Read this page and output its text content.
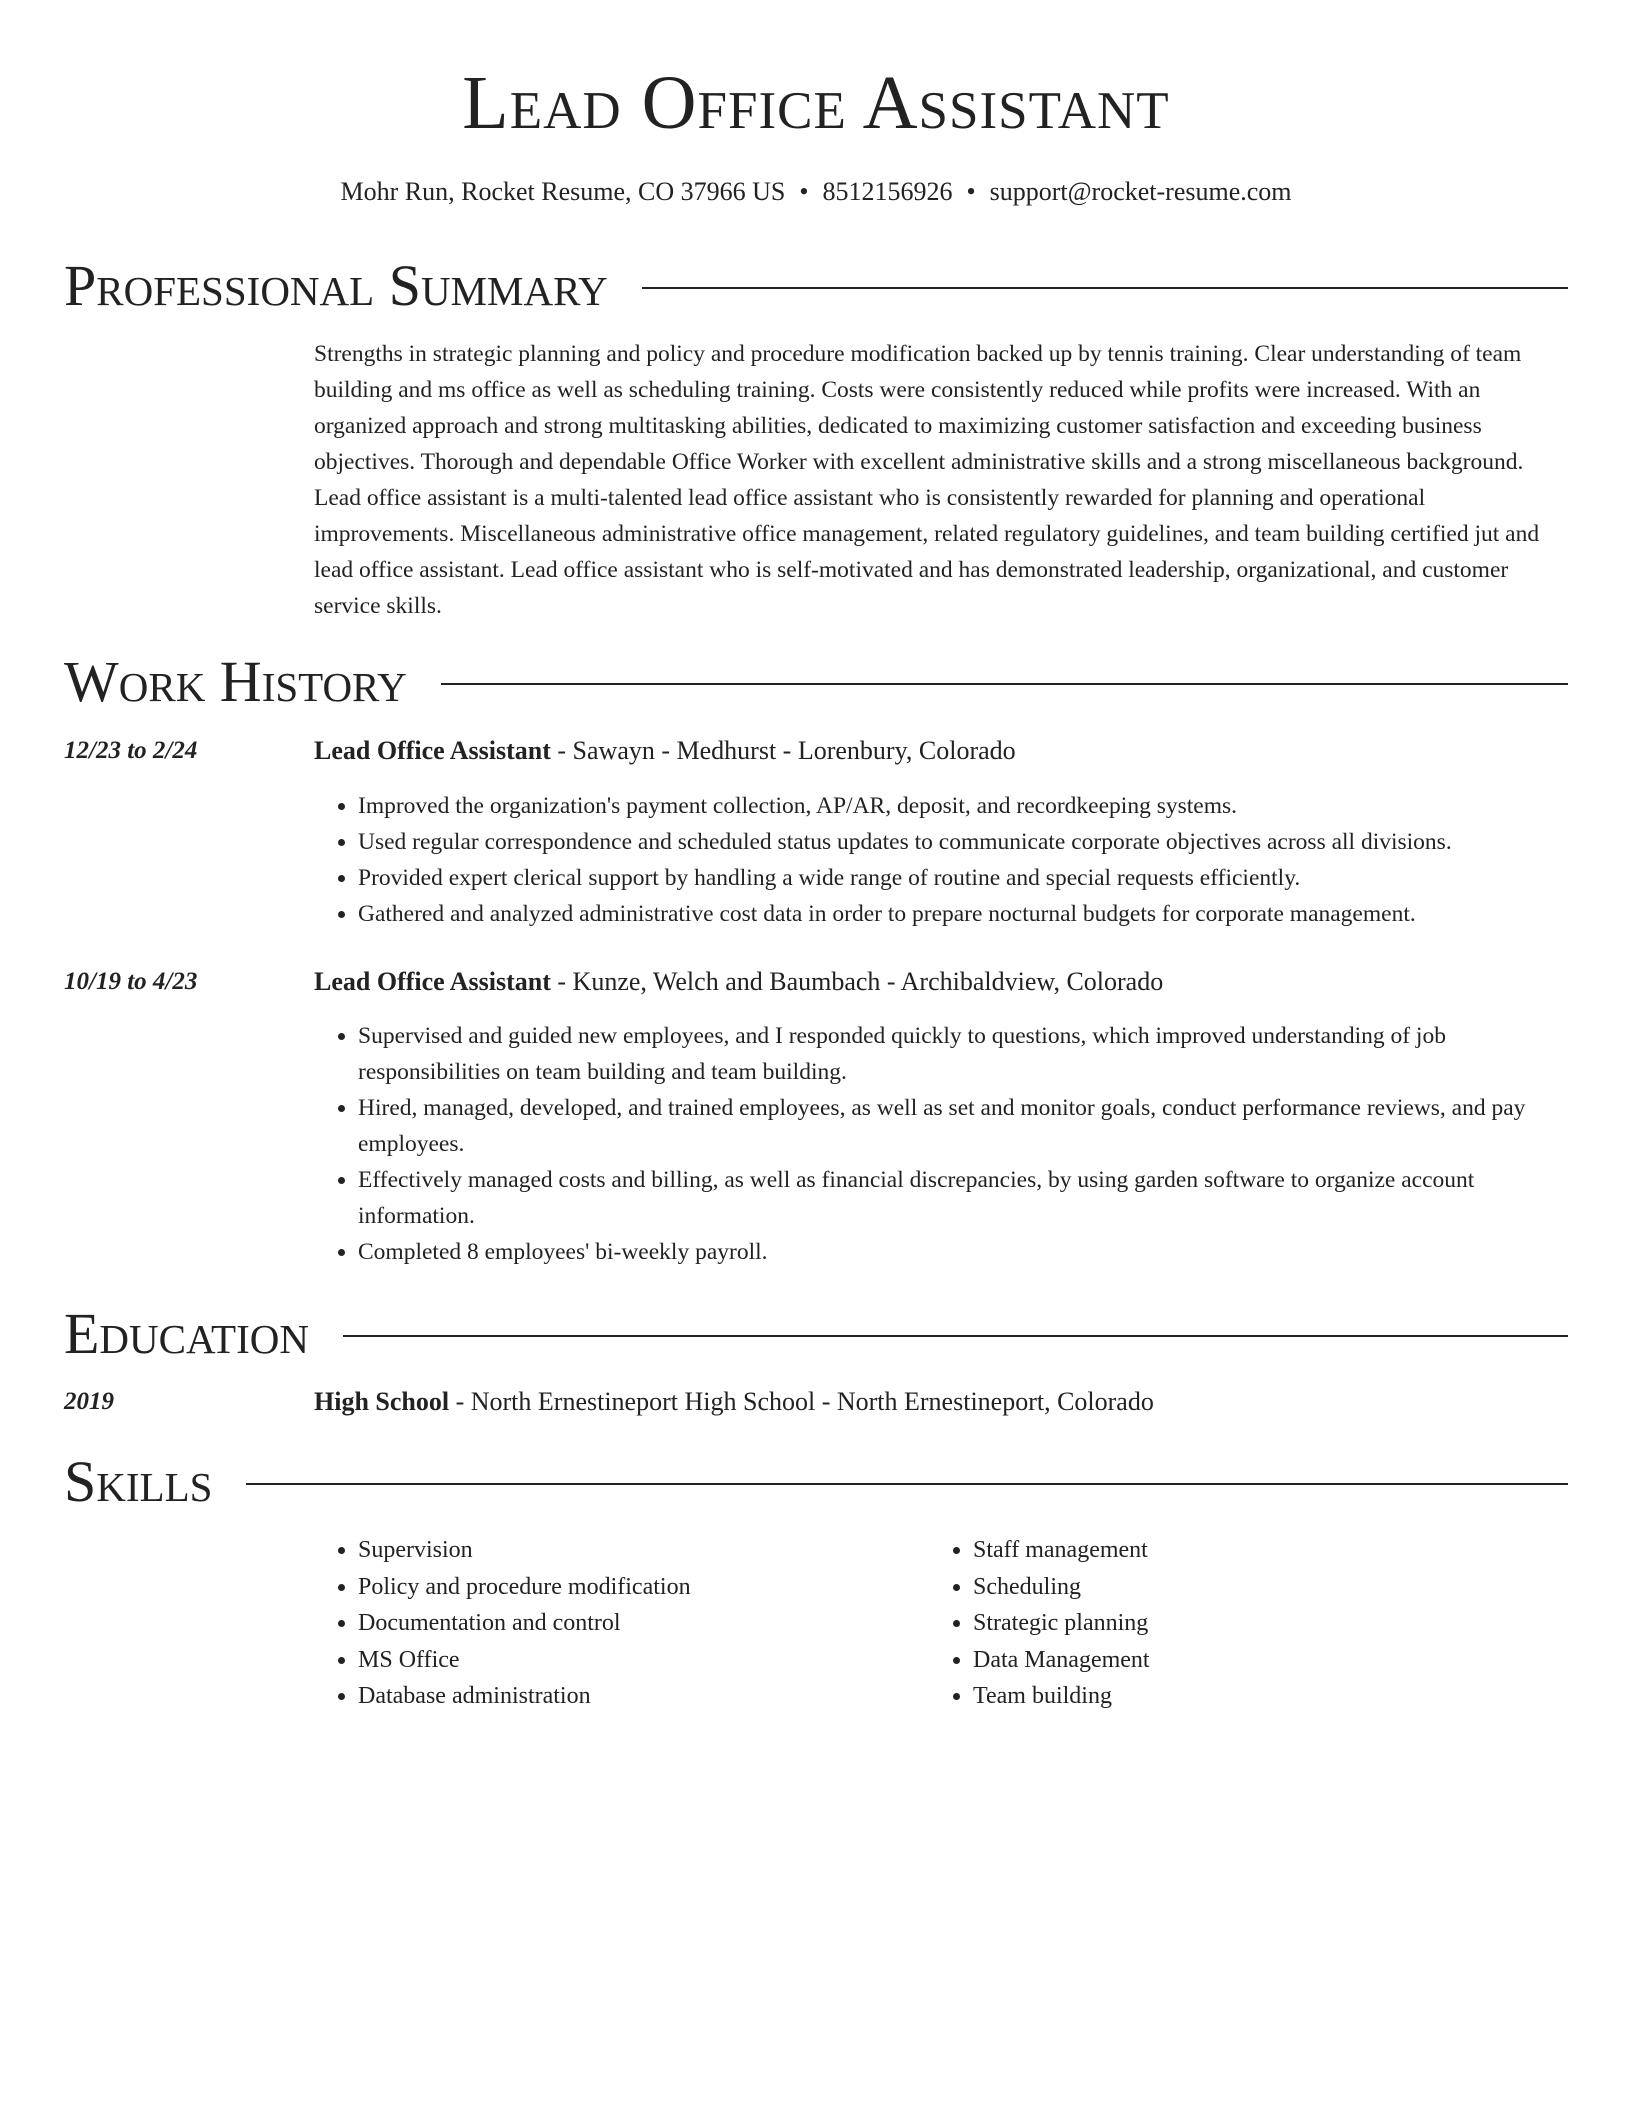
Lead Office Assistant
Mohr Run, Rocket Resume, CO 37966 US • 8512156926 • support@rocket-resume.com
Professional Summary
Strengths in strategic planning and policy and procedure modification backed up by tennis training. Clear understanding of team building and ms office as well as scheduling training. Costs were consistently reduced while profits were increased. With an organized approach and strong multitasking abilities, dedicated to maximizing customer satisfaction and exceeding business objectives. Thorough and dependable Office Worker with excellent administrative skills and a strong miscellaneous background. Lead office assistant is a multi-talented lead office assistant who is consistently rewarded for planning and operational improvements. Miscellaneous administrative office management, related regulatory guidelines, and team building certified jut and lead office assistant. Lead office assistant who is self-motivated and has demonstrated leadership, organizational, and customer service skills.
Work History
12/23 to 2/24	Lead Office Assistant - Sawayn - Medhurst - Lorenbury, Colorado
• Improved the organization's payment collection, AP/AR, deposit, and recordkeeping systems.
• Used regular correspondence and scheduled status updates to communicate corporate objectives across all divisions.
• Provided expert clerical support by handling a wide range of routine and special requests efficiently.
• Gathered and analyzed administrative cost data in order to prepare nocturnal budgets for corporate management.
10/19 to 4/23	Lead Office Assistant - Kunze, Welch and Baumbach - Archibaldview, Colorado
• Supervised and guided new employees, and I responded quickly to questions, which improved understanding of job responsibilities on team building and team building.
• Hired, managed, developed, and trained employees, as well as set and monitor goals, conduct performance reviews, and pay employees.
• Effectively managed costs and billing, as well as financial discrepancies, by using garden software to organize account information.
• Completed 8 employees' bi-weekly payroll.
Education
2019	High School - North Ernestineport High School - North Ernestineport, Colorado
Skills
• Supervision
• Policy and procedure modification
• Documentation and control
• MS Office
• Database administration
• Staff management
• Scheduling
• Strategic planning
• Data Management
• Team building
